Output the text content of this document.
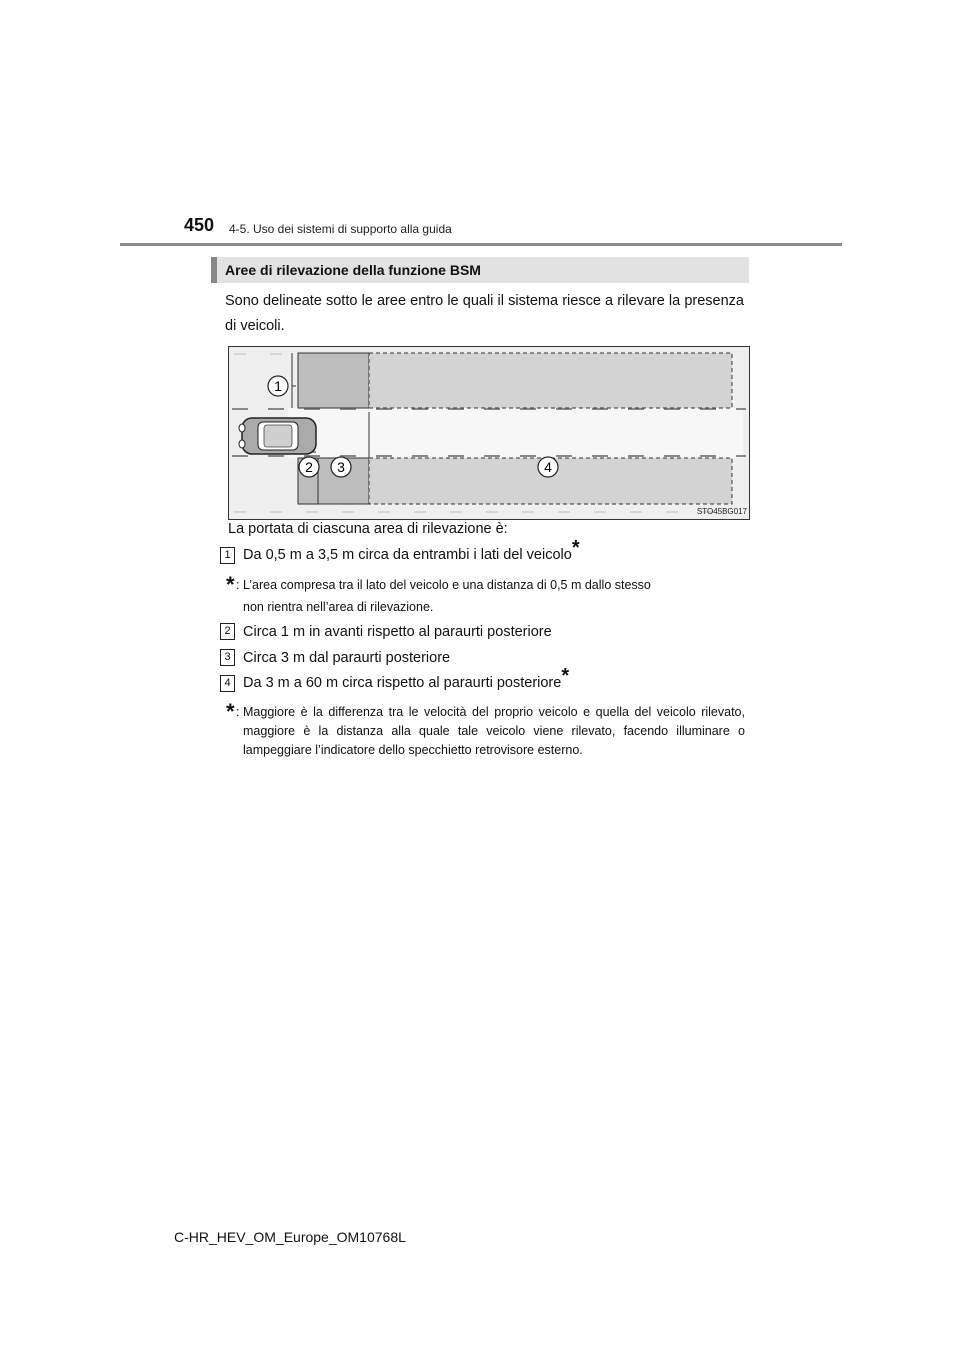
450 4-5. Uso dei sistemi di supporto alla guida
Aree di rilevazione della funzione BSM
Sono delineate sotto le aree entro le quali il sistema riesce a rilevare la presenza di veicoli.
1
2 3	4
STO45BG017
La portata di ciascuna area di rilevazione è:
1 Da 0,5 m a 3,5 m circa da entrambi i lati del veicolo*
* : L’area compresa tra il lato del veicolo e una distanza di 0,5 m dallo stesso
non rientra nell’area di rilevazione.
2 Circa 1 m in avanti rispetto al paraurti posteriore
3 Circa 3 m dal paraurti posteriore
4 Da 3 m a 60 m circa rispetto al paraurti posteriore*
* : Maggiore è la differenza tra le velocità del proprio veicolo e quella del veicolo rilevato, maggiore è la distanza alla quale tale veicolo viene rilevato, facendo illuminare o lampeggiare l’indicatore dello specchietto retrovisore esterno.
C-HR_HEV_OM_Europe_OM10768L
